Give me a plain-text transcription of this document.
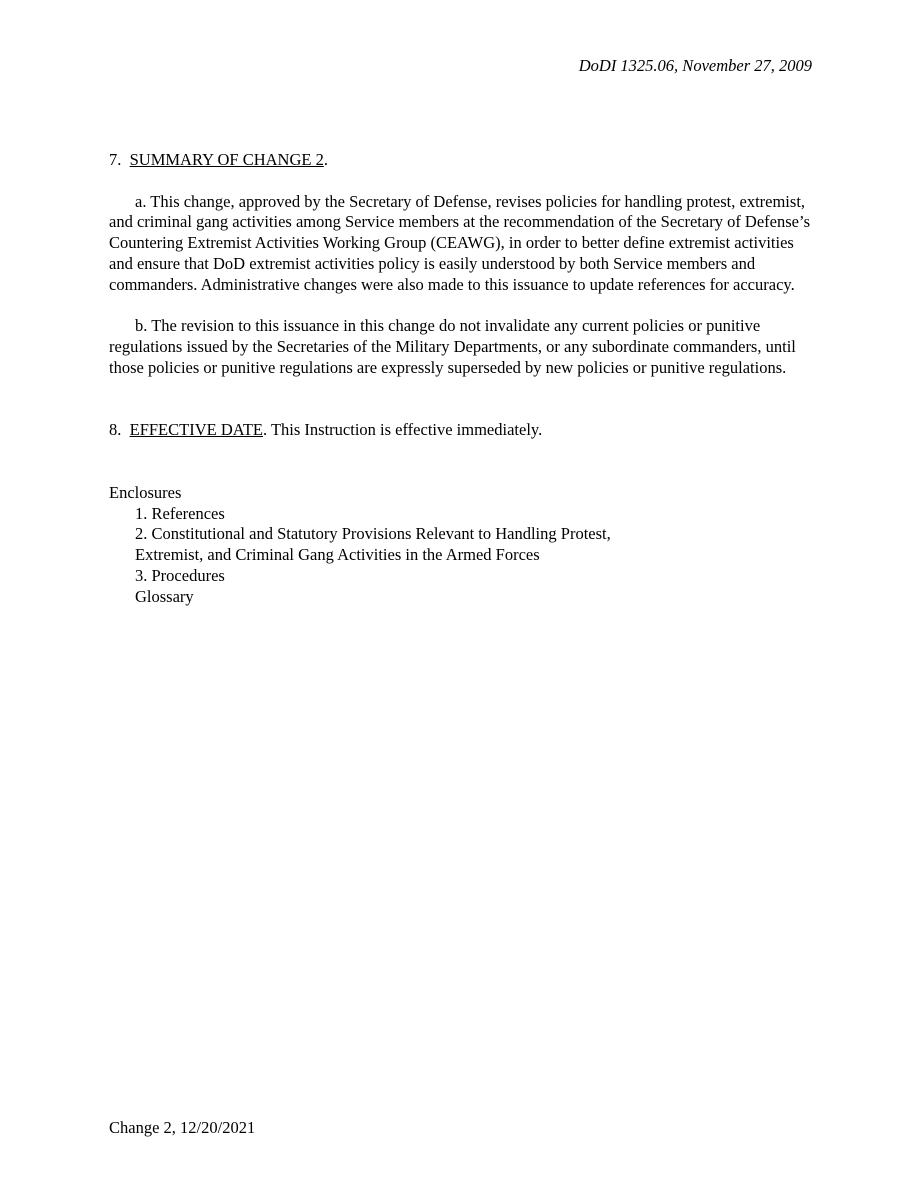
DoDI 1325.06, November 27, 2009

7. SUMMARY OF CHANGE 2.

a. This change, approved by the Secretary of Defense, revises policies for handling protest, extremist, and criminal gang activities among Service members at the recommendation of the Secretary of Defense’s Countering Extremist Activities Working Group (CEAWG), in order to better define extremist activities and ensure that DoD extremist activities policy is easily understood by both Service members and commanders. Administrative changes were also made to this issuance to update references for accuracy.

b. The revision to this issuance in this change do not invalidate any current policies or punitive regulations issued by the Secretaries of the Military Departments, or any subordinate commanders, until those policies or punitive regulations are expressly superseded by new policies or punitive regulations.

8. EFFECTIVE DATE. This Instruction is effective immediately.

Enclosures

1. References
2. Constitutional and Statutory Provisions Relevant to Handling Protest,
Extremist, and Criminal Gang Activities in the Armed Forces
3. Procedures
Glossary
Change 2, 12/20/2021
